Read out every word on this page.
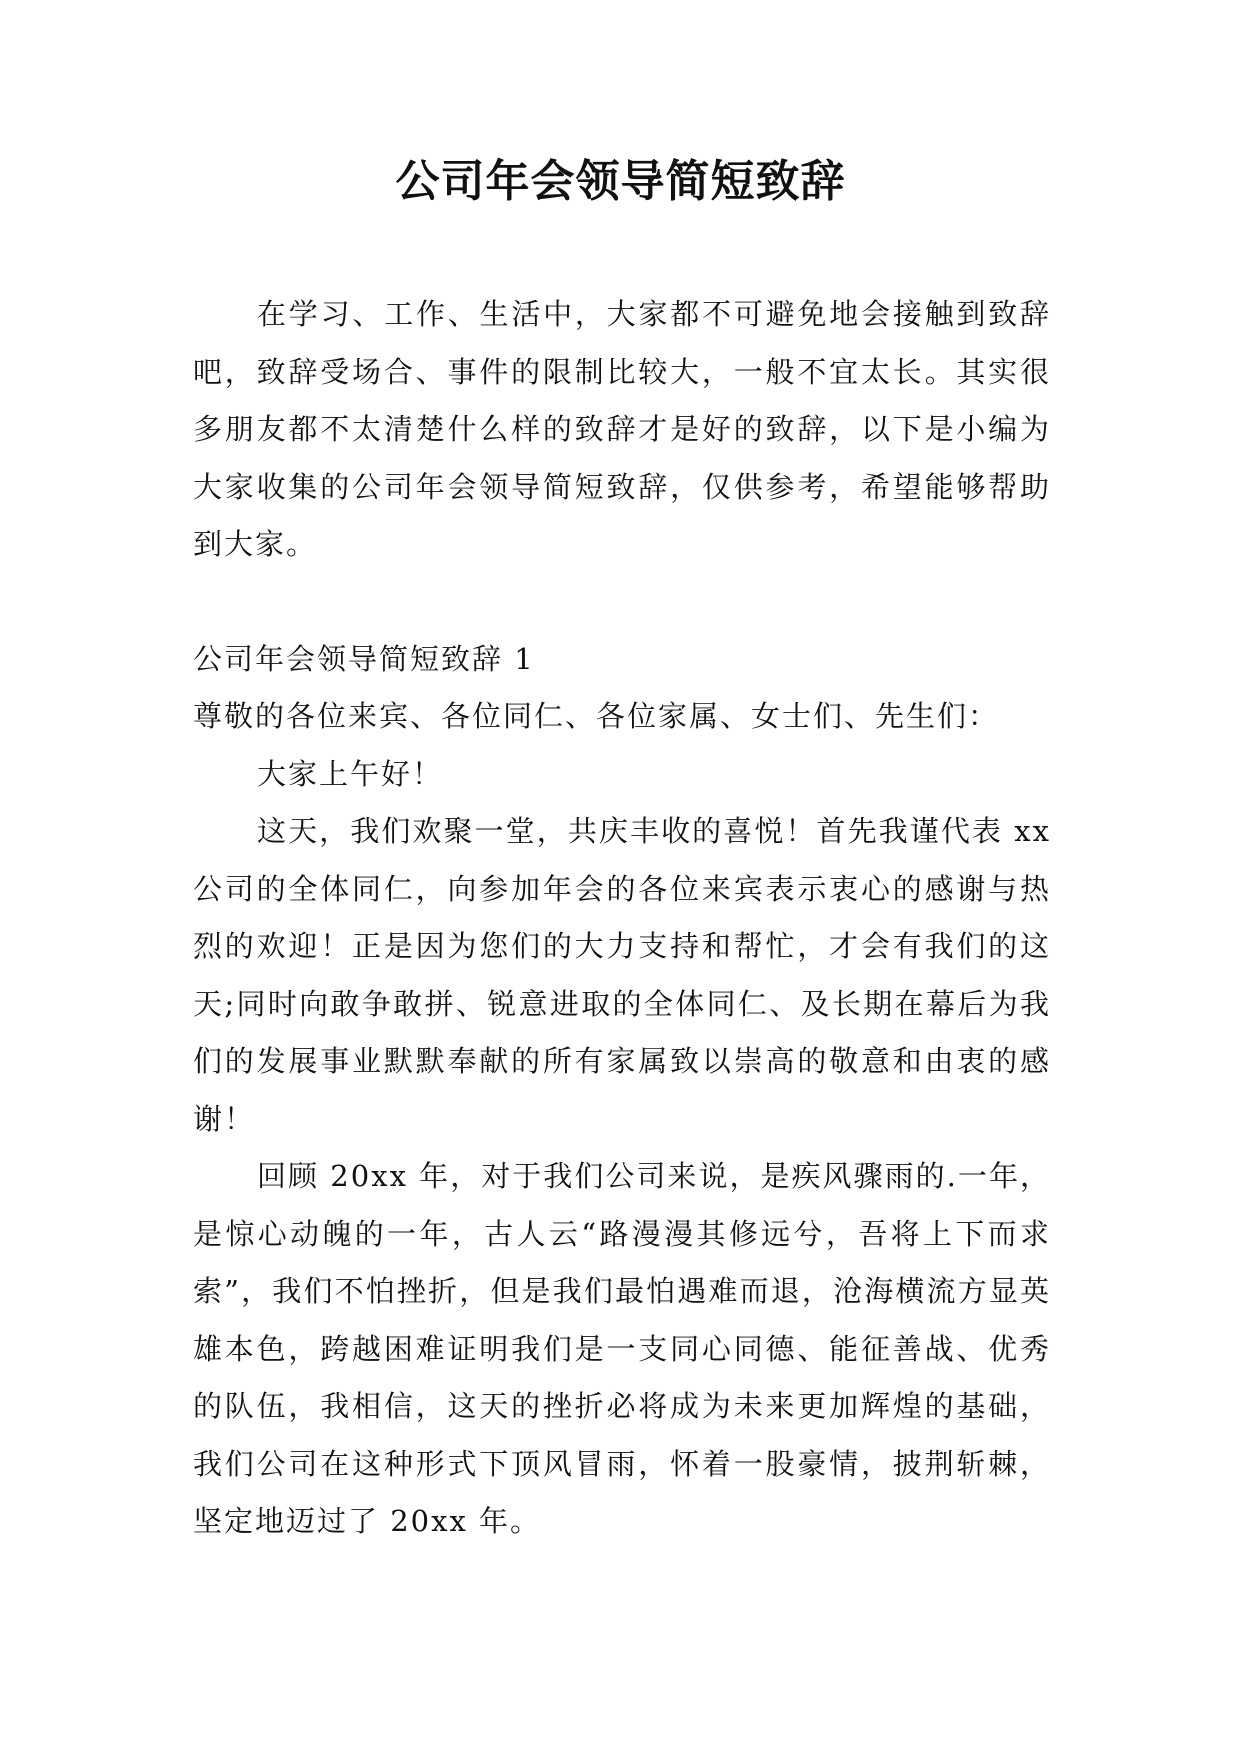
公司年会领导简短致辞

在学习、工作、生活中，大家都不可避免地会接触到致辞吧，致辞受场合、事件的限制比较大，一般不宜太长。其实很多朋友都不太清楚什么样的致辞才是好的致辞，以下是小编为大家收集的公司年会领导简短致辞，仅供参考，希望能够帮助到大家。

公司年会领导简短致辞 1

尊敬的各位来宾、各位同仁、各位家属、女士们、先生们：

大家上午好！

这天，我们欢聚一堂，共庆丰收的喜悦！首先我谨代表 xx 公司的全体同仁，向参加年会的各位来宾表示衷心的感谢与热烈的欢迎！正是因为您们的大力支持和帮忙，才会有我们的这天;同时向敢争敢拼、锐意进取的全体同仁、及长期在幕后为我们的发展事业默默奉献的所有家属致以崇高的敬意和由衷的感谢！

回顾 20xx 年，对于我们公司来说，是疾风骤雨的.一年，是惊心动魄的一年，古人云“路漫漫其修远兮，吾将上下而求索”，我们不怕挫折，但是我们最怕遇难而退，沧海横流方显英雄本色，跨越困难证明我们是一支同心同德、能征善战、优秀的队伍，我相信，这天的挫折必将成为未来更加辉煌的基础，我们公司在这种形式下顶风冒雨，怀着一股豪情，披荆斩棘，坚定地迈过了 20xx 年。
